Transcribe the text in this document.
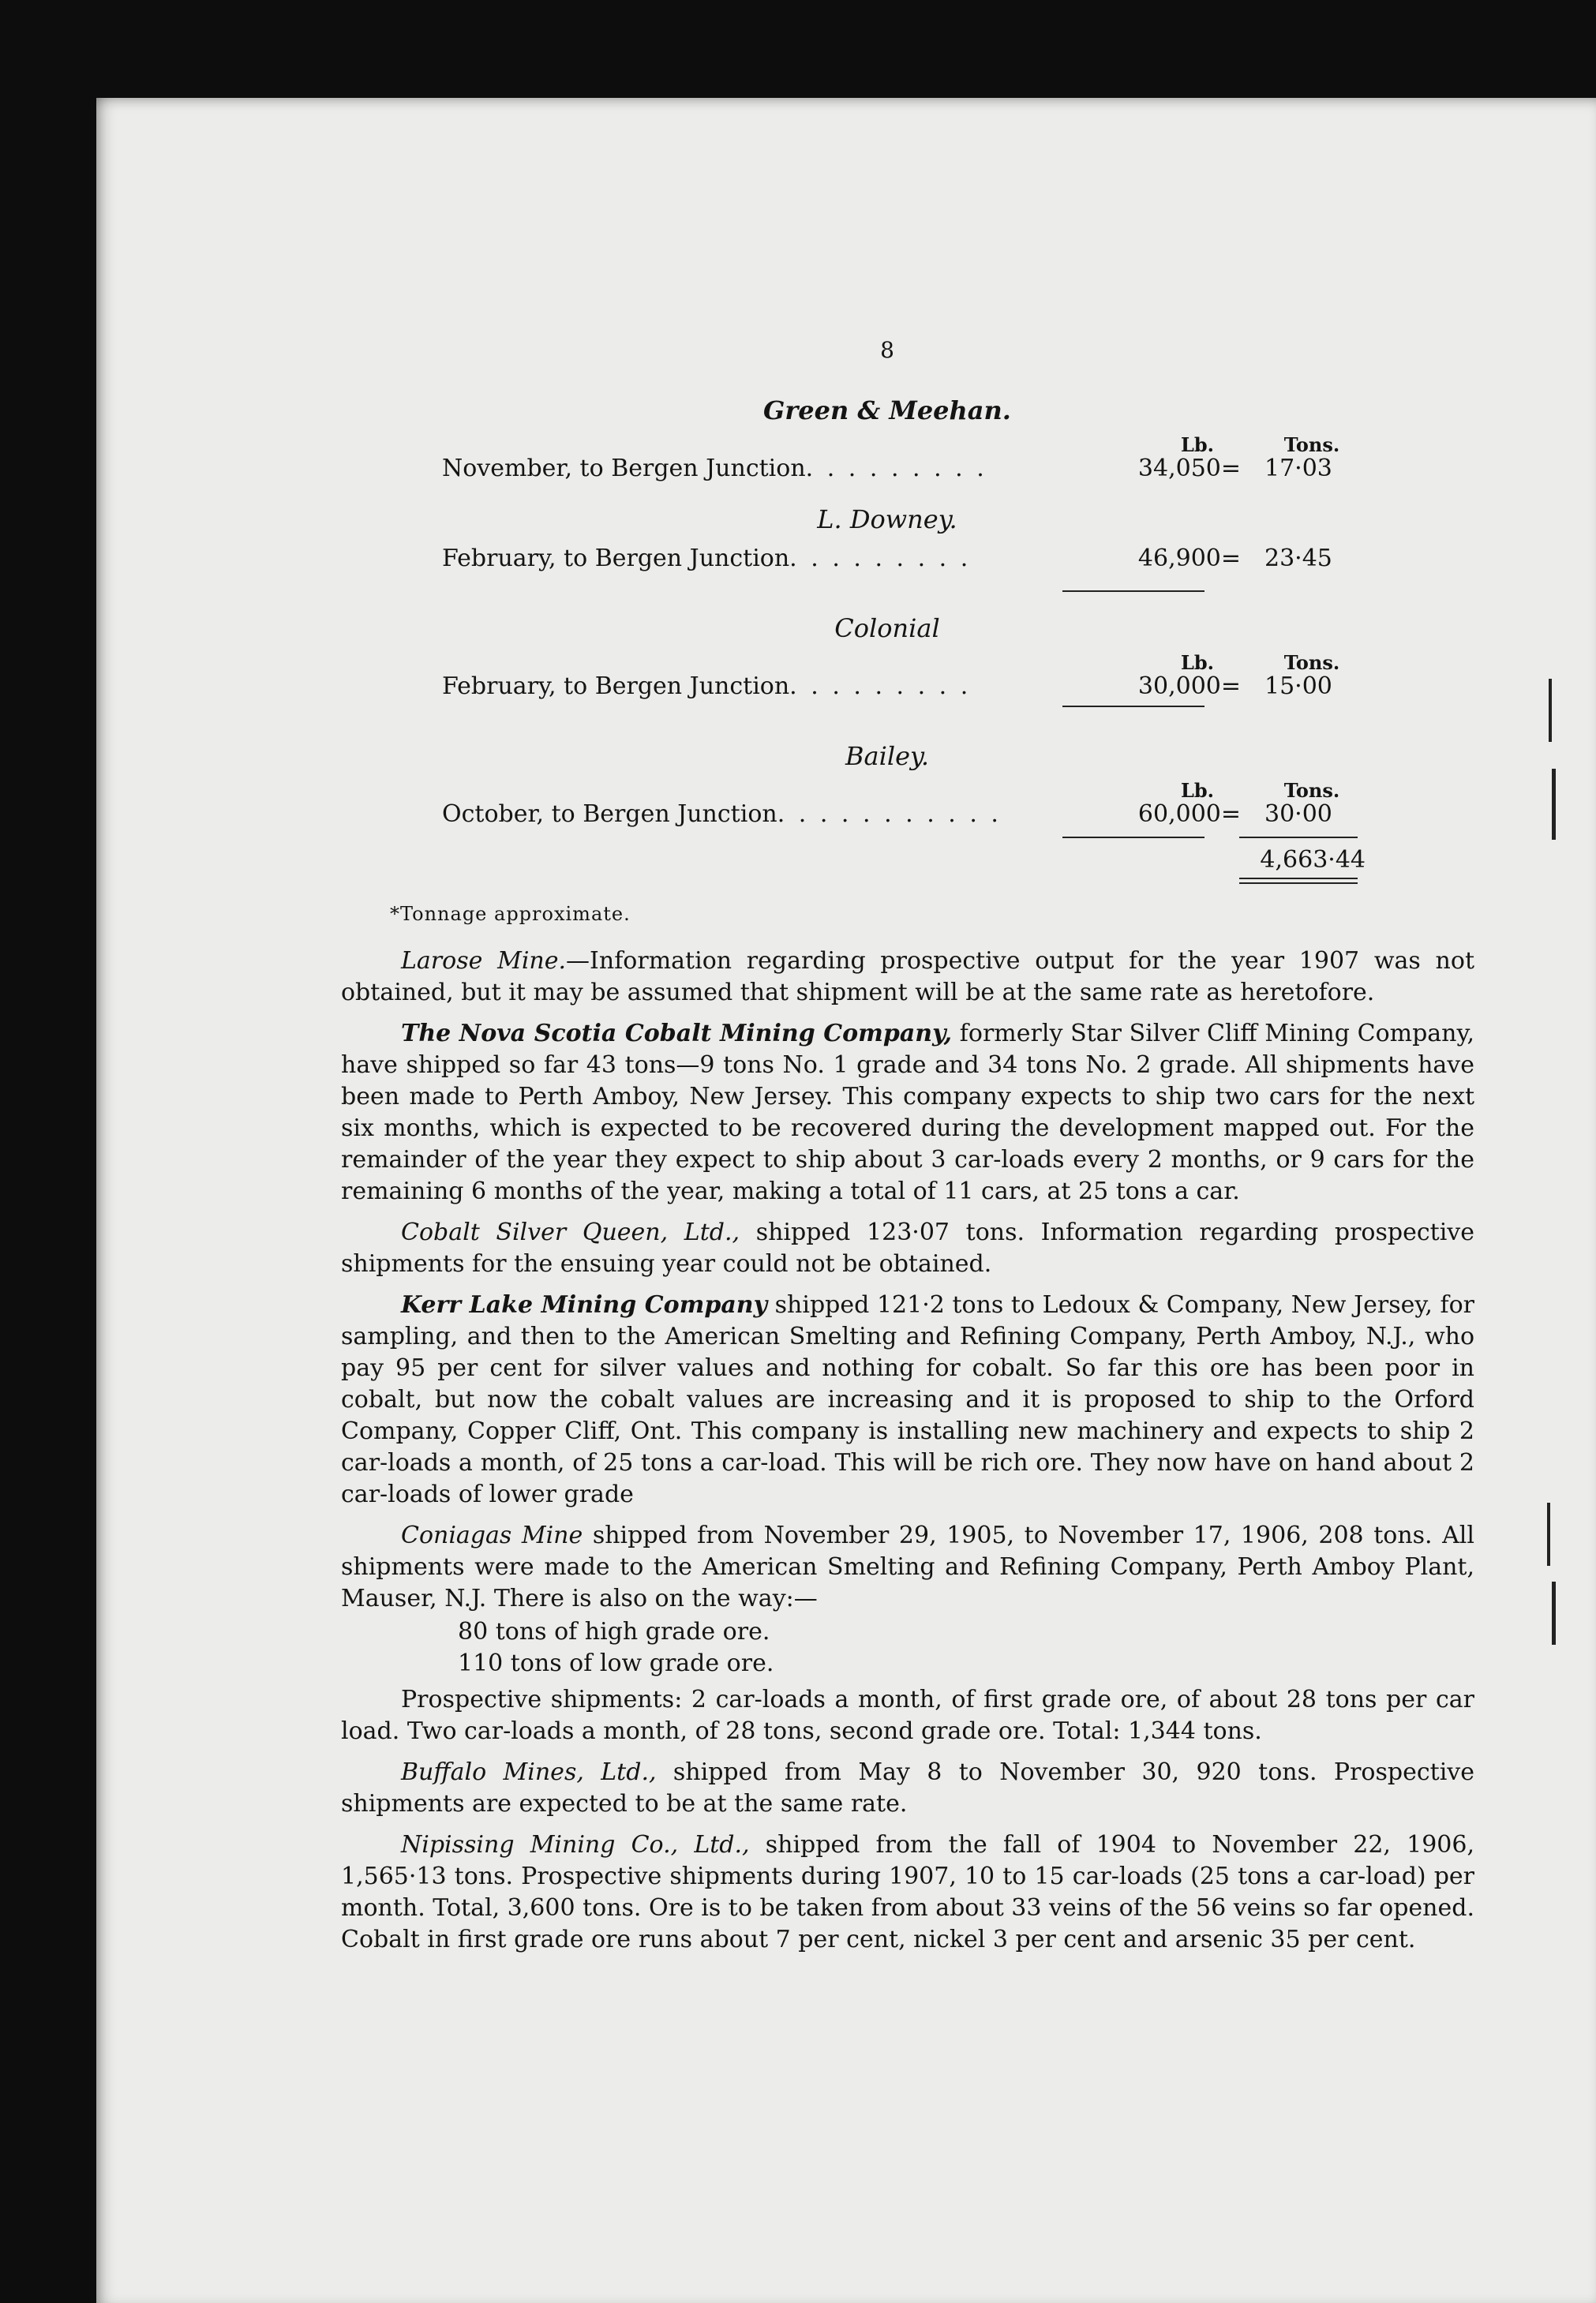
8
Green & Meehan.
Lb.	Tons.
November, to Bergen Junction. . . . . . . . .	34,050= 17·03
L. Downey.
February, to Bergen Junction. . . . . . . . .	46,900= 23·45
Colonial
Lb.	Tons.
February, to Bergen Junction. . . . . . . . .	30,000= 15·00
Bailey.
Lb.	Tons.
October, to Bergen Junction. . . . . . . . . . .	60,000= 30·00
4,663·44
*Tonnage approximate.

Larose Mine.—Information regarding prospective output for the year 1907 was not obtained, but it may be assumed that shipment will be at the same rate as heretofore.

The Nova Scotia Cobalt Mining Company, formerly Star Silver Cliff Mining Company, have shipped so far 43 tons—9 tons No. 1 grade and 34 tons No. 2 grade. All shipments have been made to Perth Amboy, New Jersey. This company expects to ship two cars for the next six months, which is expected to be recovered during the development mapped out. For the remainder of the year they expect to ship about 3 car-loads every 2 months, or 9 cars for the remaining 6 months of the year, making a total of 11 cars, at 25 tons a car.

Cobalt Silver Queen, Ltd., shipped 123·07 tons. Information regarding prospective shipments for the ensuing year could not be obtained.

Kerr Lake Mining Company shipped 121·2 tons to Ledoux & Company, New Jersey, for sampling, and then to the American Smelting and Refining Company, Perth Amboy, N.J., who pay 95 per cent for silver values and nothing for cobalt. So far this ore has been poor in cobalt, but now the cobalt values are increasing and it is proposed to ship to the Orford Company, Copper Cliff, Ont. This company is installing new machinery and expects to ship 2 car-loads a month, of 25 tons a car-load. This will be rich ore. They now have on hand about 2 car-loads of lower grade

Coniagas Mine shipped from November 29, 1905, to November 17, 1906, 208 tons. All shipments were made to the American Smelting and Refining Company, Perth Amboy Plant, Mauser, N.J. There is also on the way:—

80 tons of high grade ore.
110 tons of low grade ore.

Prospective shipments: 2 car-loads a month, of first grade ore, of about 28 tons per car load. Two car-loads a month, of 28 tons, second grade ore. Total: 1,344 tons.

Buffalo Mines, Ltd., shipped from May 8 to November 30, 920 tons. Prospective shipments are expected to be at the same rate.

Nipissing Mining Co., Ltd., shipped from the fall of 1904 to November 22, 1906, 1,565·13 tons. Prospective shipments during 1907, 10 to 15 car-loads (25 tons a car-load) per month. Total, 3,600 tons. Ore is to be taken from about 33 veins of the 56 veins so far opened. Cobalt in first grade ore runs about 7 per cent, nickel 3 per cent and arsenic 35 per cent.
